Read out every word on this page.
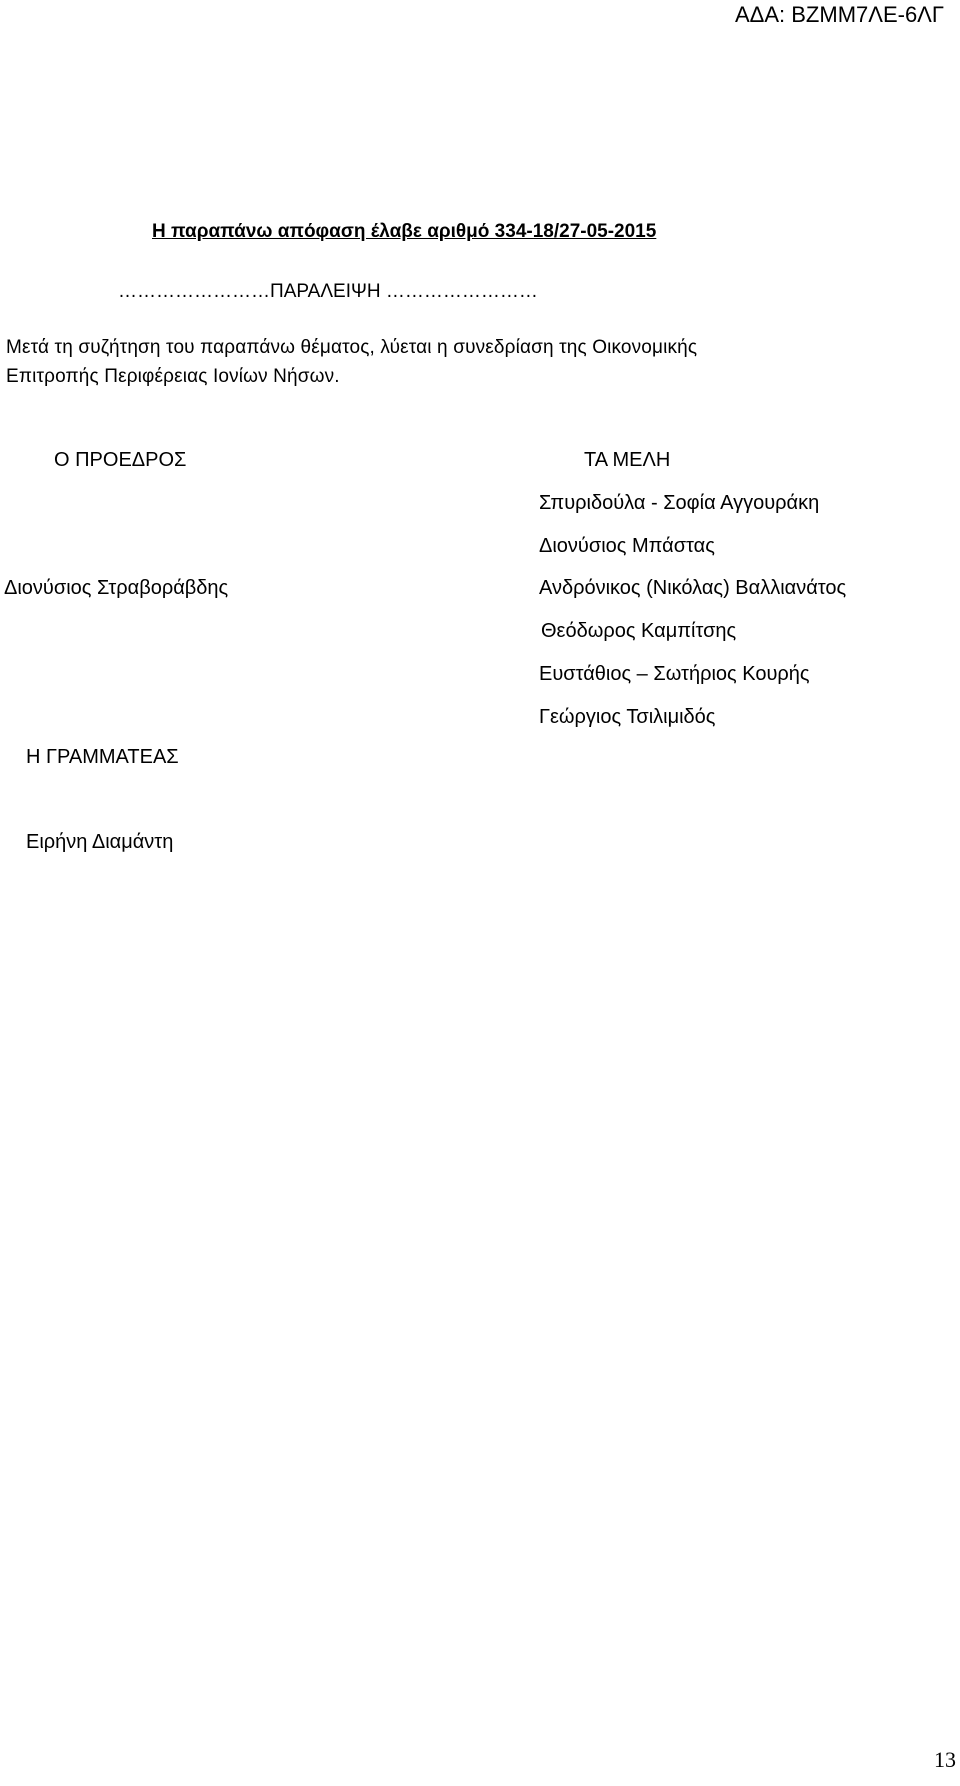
ΑΔΑ: ΒΖΜΜ7ΛΕ-6ΛΓ
Η παραπάνω απόφαση έλαβε αριθμό 334-18/27-05-2015
……………………ΠΑΡΑΛΕΙΨΗ ……………………
Μετά τη συζήτηση του παραπάνω θέματος, λύεται η συνεδρίαση της Οικονομικής
Επιτροπής Περιφέρειας Ιονίων Νήσων.
Ο ΠΡΟΕΔΡΟΣ
Διονύσιος Στραβοράβδης
Η ΓΡΑΜΜΑΤΕΑΣ
Ειρήνη Διαμάντη
ΤΑ ΜΕΛΗ
Σπυριδούλα - Σοφία Αγγουράκη
Διονύσιος Μπάστας
Ανδρόνικος (Νικόλας) Βαλλιανάτος
Θεόδωρος Καμπίτσης
Ευστάθιος – Σωτήριος Κουρής
Γεώργιος Τσιλιμιδός
13
